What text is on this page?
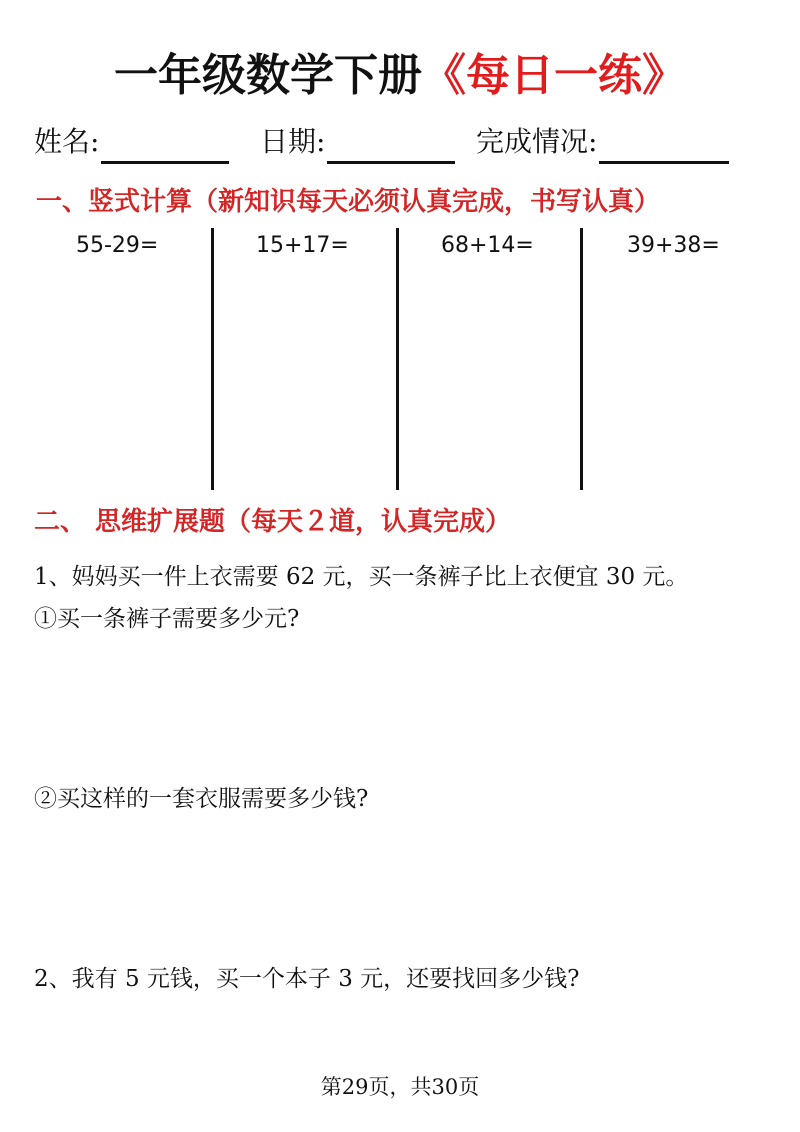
一年级数学下册《每日一练》
姓名:	日期:	完成情况:
一、竖式计算（新知识每天必须认真完成，书写认真）
55-29=	15+17=	68+14=	39+38=
二、 思维扩展题（每天２道，认真完成）
1、妈妈买一件上衣需要 62 元，买一条裤子比上衣便宜 30 元。
①买一条裤子需要多少元?
②买这样的一套衣服需要多少钱?
2、我有 5 元钱，买一个本子 3 元，还要找回多少钱?
第29页，共30页
